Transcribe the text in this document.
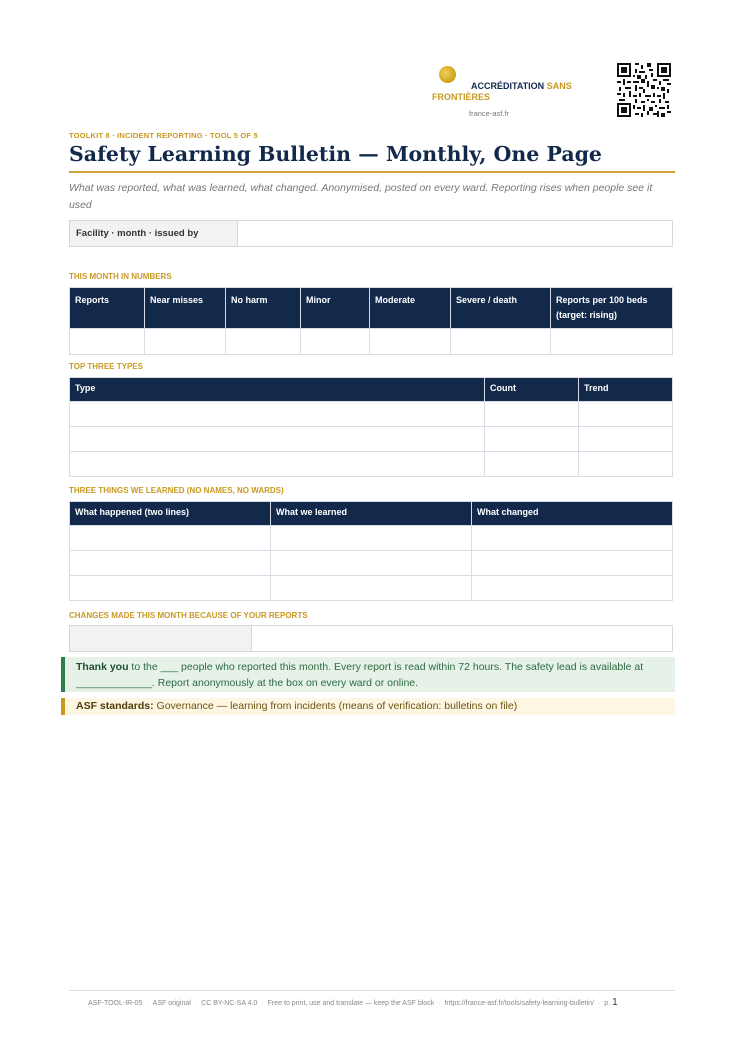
ACCRÉDITATION SANS FRONTIÈRES
france-asf.fr
TOOLKIT 8 · INCIDENT REPORTING · TOOL 5 OF 5
Safety Learning Bulletin — Monthly, One Page
What was reported, what was learned, what changed. Anonymised, posted on every ward. Reporting rises when people see it used
Facility · month · issued by
THIS MONTH IN NUMBERS
Reports	Near misses	No harm	Minor	Moderate	Severe / death	Reports per 100 beds (target: rising)

TOP THREE TYPES
Type	Count	Trend

THREE THINGS WE LEARNED (NO NAMES, NO WARDS)
What happened (two lines)	What we learned	What changed

CHANGES MADE THIS MONTH BECAUSE OF YOUR REPORTS
Thank you to the ___ people who reported this month. Every report is read within 72 hours. The safety lead is available at _____________. Report anonymously at the box on every ward or online.
ASF standards: Governance — learning from incidents (means of verification: bulletins on file)
ASF-TOOL-IR-05 · ASF original · CC BY-NC-SA 4.0 · Free to print, use and translate — keep the ASF block · https://france-asf.fr/tools/safety-learning-bulletin/ · p. 1
